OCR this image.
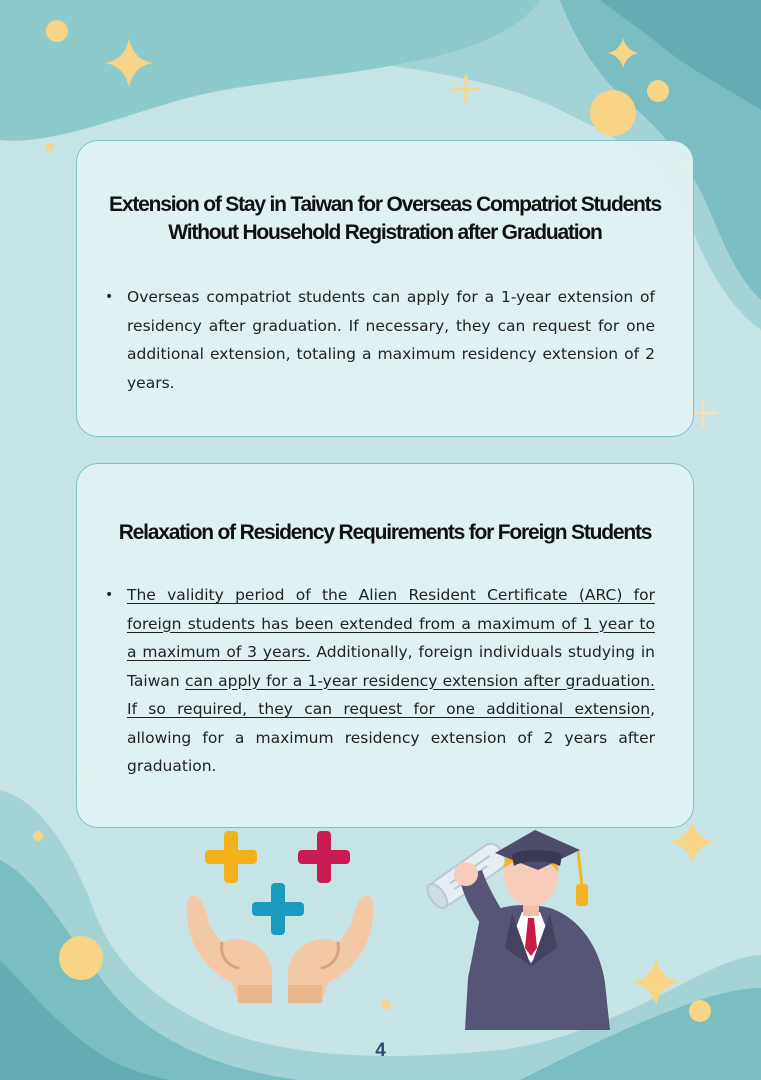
Extension of Stay in Taiwan for Overseas Compatriot Students
Without Household Registration after Graduation
• Overseas compatriot students can apply for a 1-year extension of residency after graduation. If necessary, they can request for one additional extension, totaling a maximum residency extension of 2 years.
Relaxation of Residency Requirements for Foreign Students
• The validity period of the Alien Resident Certificate (ARC) for foreign students has been extended from a maximum of 1 year to a maximum of 3 years. Additionally, foreign individuals studying in Taiwan can apply for a 1-year residency extension after graduation. If so required, they can request for one additional extension, allowing for a maximum residency extension of 2 years after graduation.
4
